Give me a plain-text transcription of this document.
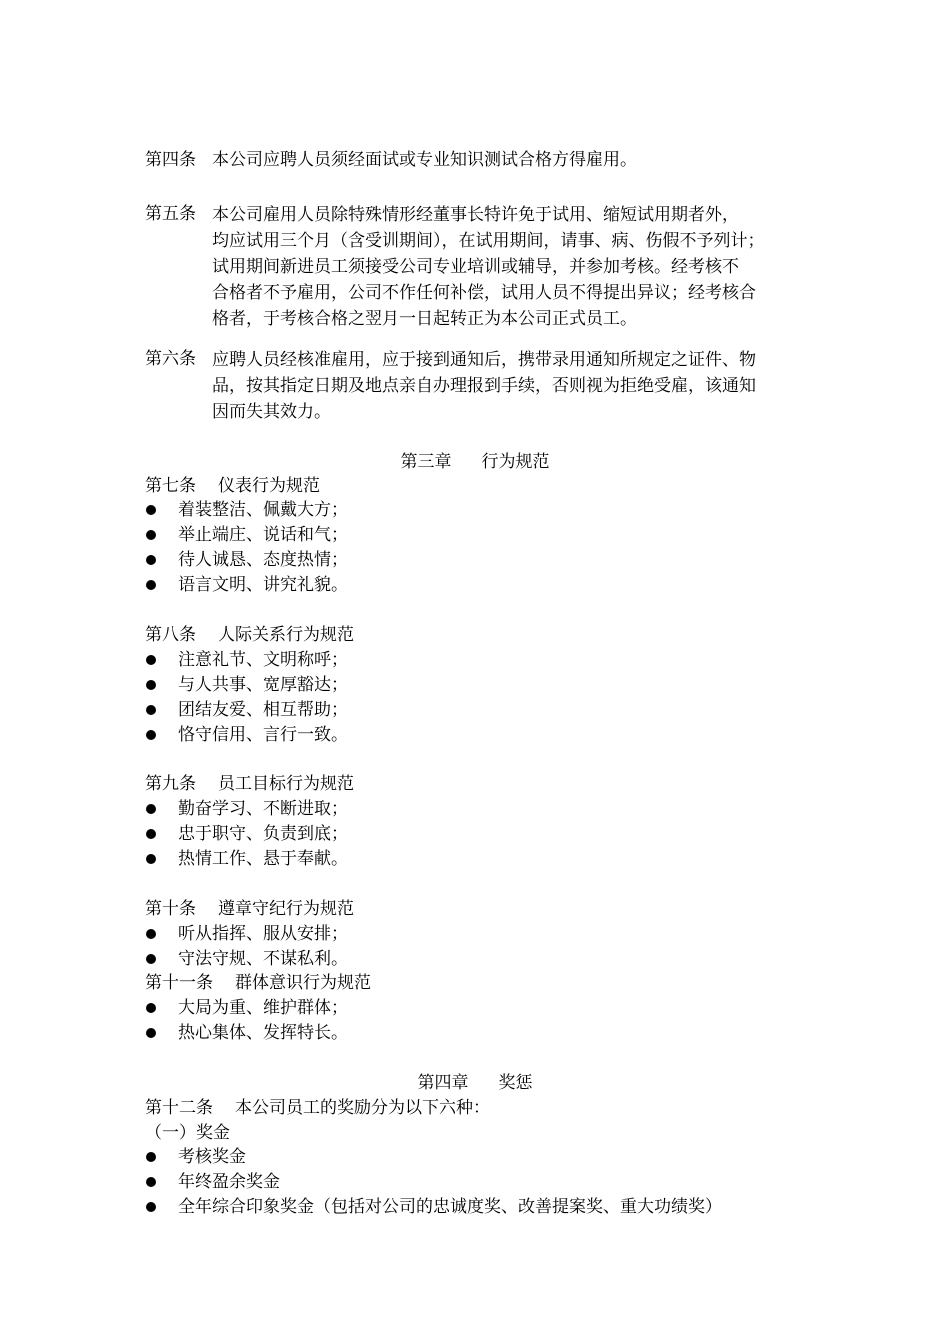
第四条 本公司应聘人员须经面试或专业知识测试合格方得雇用。

第五条 本公司雇用人员除特殊情形经董事长特许免于试用、缩短试用期者外，

均应试用三个月（含受训期间），在试用期间，请事、病、伤假不予列计；

试用期间新进员工须接受公司专业培训或辅导，并参加考核。经考核不

合格者不予雇用，公司不作任何补偿，试用人员不得提出异议；经考核合

格者，于考核合格之翌月一日起转正为本公司正式员工。

第六条 应聘人员经核准雇用，应于接到通知后，携带录用通知所规定之证件、物

品，按其指定日期及地点亲自办理报到手续，否则视为拒绝受雇，该通知

因而失其效力。

第三章 行为规范
第七条 仪表行为规范
着装整洁、佩戴大方；
举止端庄、说话和气；
待人诚恳、态度热情；
语言文明、讲究礼貌。
第八条 人际关系行为规范
注意礼节、文明称呼；
与人共事、宽厚豁达；
团结友爱、相互帮助；
恪守信用、言行一致。
第九条 员工目标行为规范
勤奋学习、不断进取；
忠于职守、负责到底；
热情工作、悬于奉献。
第十条 遵章守纪行为规范
听从指挥、服从安排；
守法守规、不谋私利。
第十一条 群体意识行为规范
大局为重、维护群体；
热心集体、发挥特长。
第四章 奖惩
第十二条 本公司员工的奖励分为以下六种：
（一）奖金
考核奖金
年终盈余奖金
全年综合印象奖金（包括对公司的忠诚度奖、改善提案奖、重大功绩奖）
